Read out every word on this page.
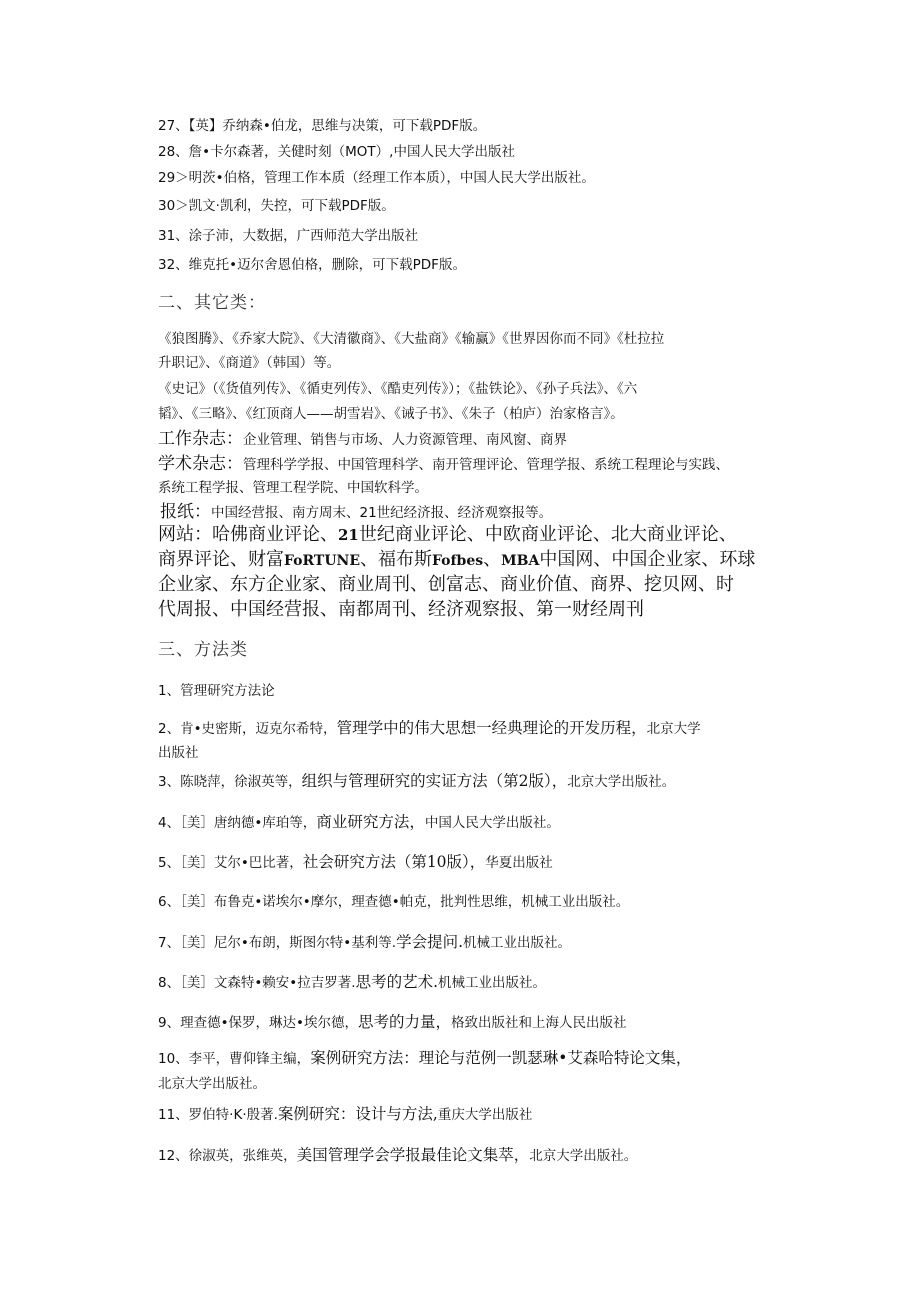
27、【英】乔纳森•伯龙，思维与决策，可下载PDF版。
28、詹•卡尔森著，关健时刻（MOT）,中国人民大学出版社
29＞明茨•伯格，管理工作本质（经理工作本质），中国人民大学出版社。
30＞凯文·凯利，失控，可下载PDF版。
31、涂子沛，大数据，广西师范大学出版社
32、维克托•迈尔舍恩伯格，删除，可下载PDF版。
二、其它类：
《狼图腾》、《乔家大院》、《大清徽商》、《大盐商》《输赢》《世界因你而不同》《杜拉拉
升职记》、《商道》（韩国）等。
《史记》（《货值列传》、《循吏列传》、《酷吏列传》）；《盐铁论》、《孙子兵法》、《六
韬》、《三略》、《红顶商人——胡雪岩》、《诫子书》、《朱子（柏庐）治家格言》。
工作杂志：企业管理、销售与市场、人力资源管理、南风窗、商界
学术杂志：管理科学学报、中国管理科学、南开管理评论、管理学报、系统工程理论与实践、
系统工程学报、管理工程学院、中国软科学。
报纸：中国经营报、南方周末、21世纪经济报、经济观察报等。
网站：哈佛商业评论、21世纪商业评论、中欧商业评论、北大商业评论、
商界评论、财富FoRTUNE、福布斯Fofbes、MBA中国网、中国企业家、环球
企业家、东方企业家、商业周刊、创富志、商业价值、商界、挖贝网、时
代周报、中国经营报、南都周刊、经济观察报、第一财经周刊
三、方法类
1、管理研究方法论
2、肯•史密斯，迈克尔希特，管理学中的伟大思想一经典理论的开发历程，北京大学
出版社
3、陈晓萍，徐淑英等，组织与管理研究的实证方法（第2版），北京大学出版社。
4、［美］唐纳德•库珀等，商业研究方法，中国人民大学出版社。
5、［美］艾尔•巴比著，社会研究方法（第10版），华夏出版社
6、［美］布鲁克•诺埃尔•摩尔，理查德•帕克，批判性思维，机械工业出版社。
7、［美］尼尔•布朗，斯图尔特•基利等.学会提问.机械工业出版社。
8、［美］文森特•赖安•拉吉罗著.思考的艺术.机械工业出版社。
9、理查德•保罗，琳达•埃尔德，思考的力量，格致出版社和上海人民出版社
10、李平，曹仰锋主编，案例研究方法：理论与范例一凯瑟琳•艾森哈特论文集，
北京大学出版社。
11、罗伯特·K·殷著.案例研究：设计与方法,重庆大学出版社
12、徐淑英，张维英，美国管理学会学报最佳论文集萃，北京大学出版社。
